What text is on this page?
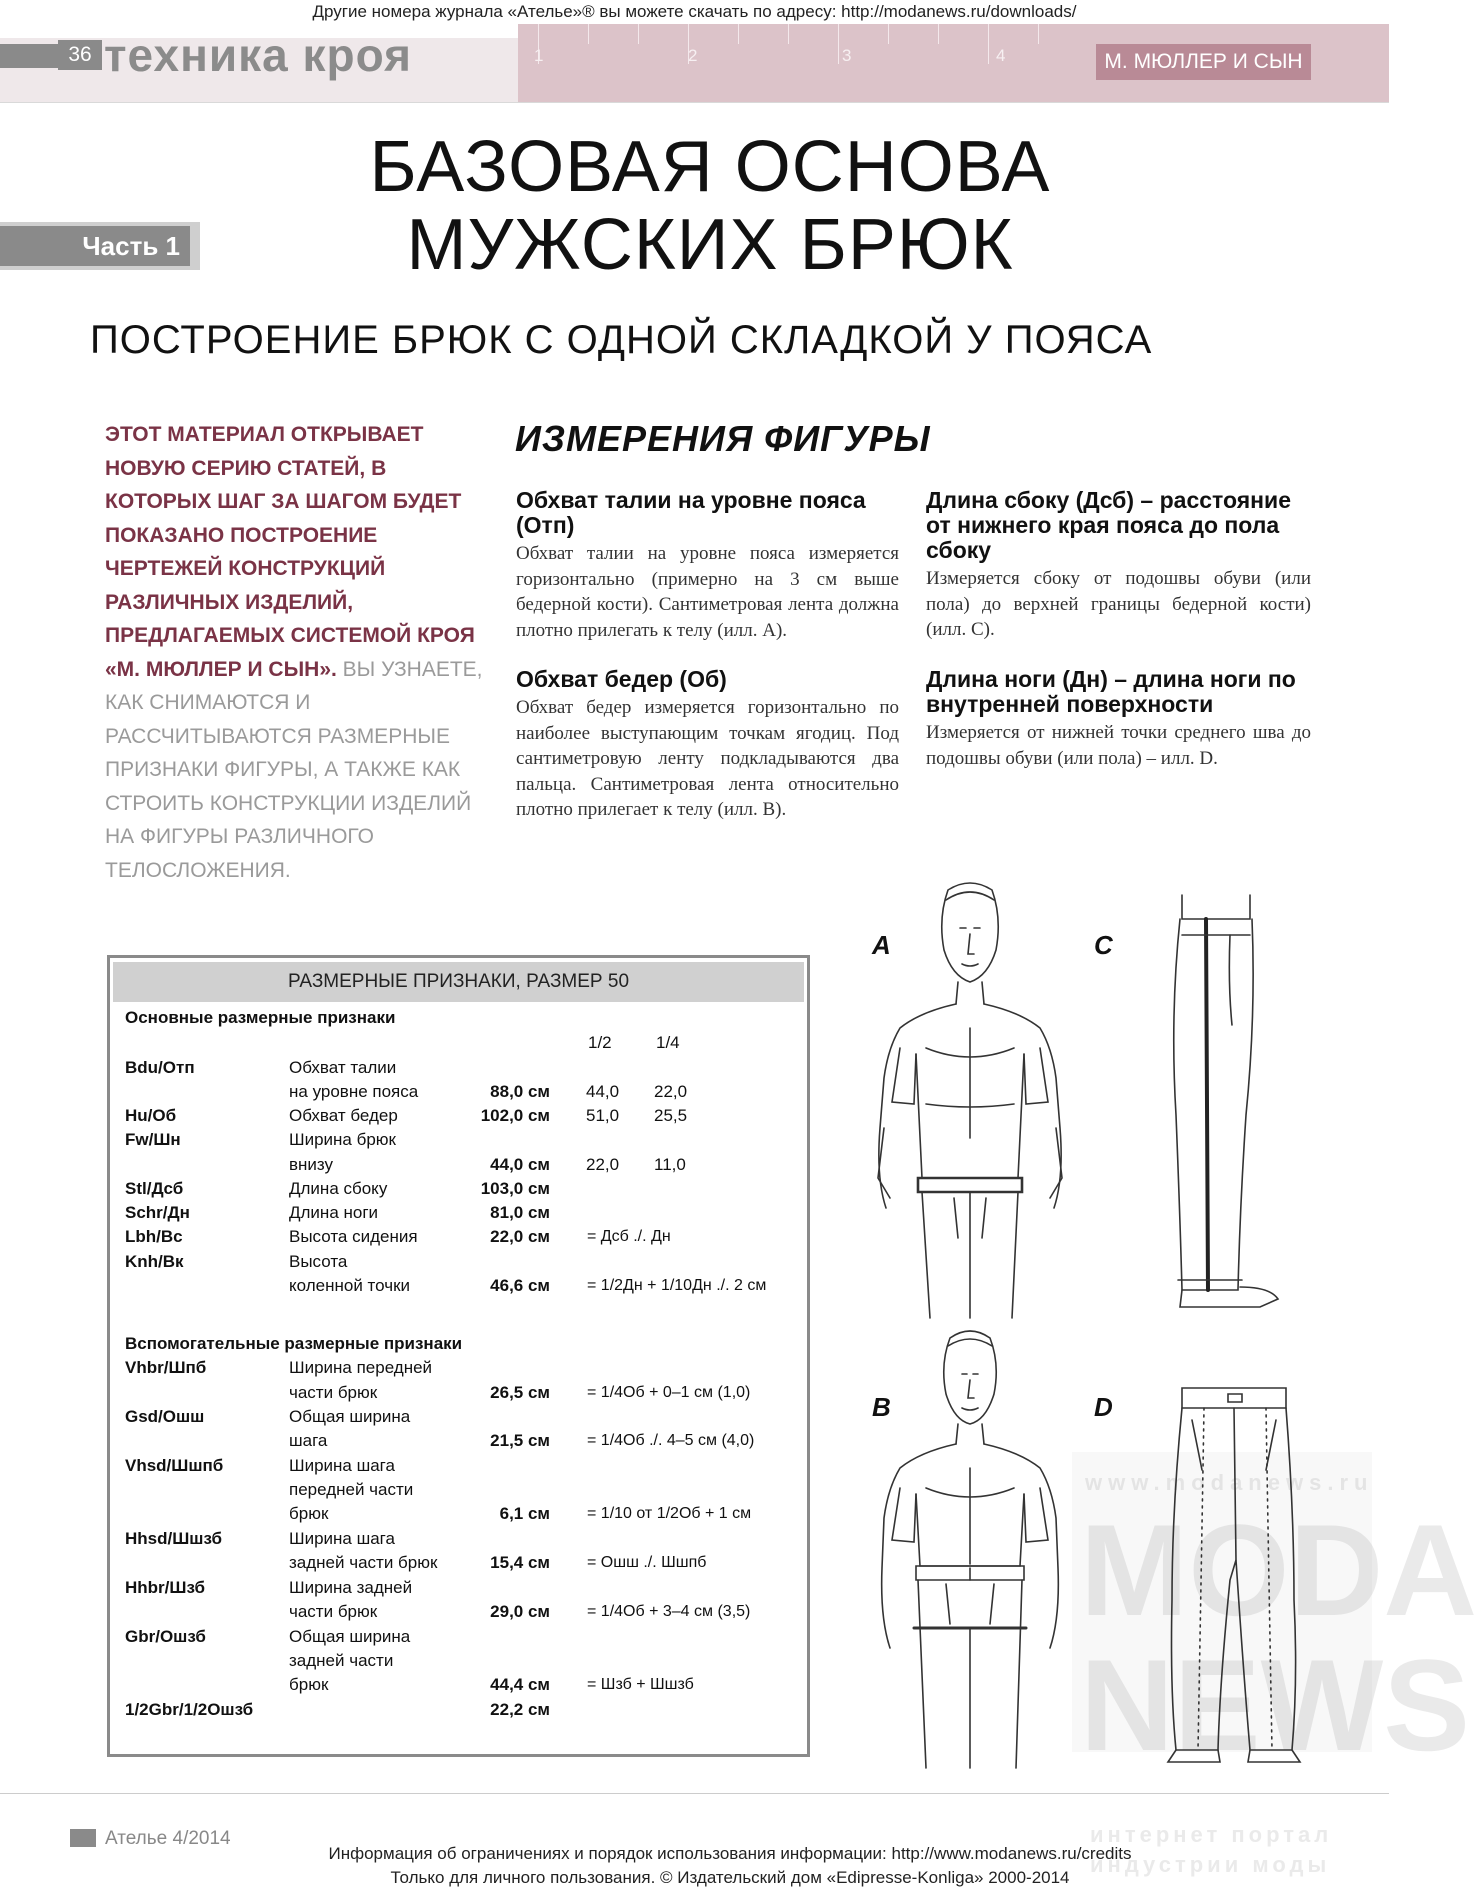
Другие номера журнала «Ателье»® вы можете скачать по адресу: http://modanews.ru/downloads/
1	2	3	4
36 техника кроя	М. МЮЛЛЕР И СЫН
Часть 1
БАЗОВАЯ ОСНОВА
МУЖСКИХ БРЮК
ПОСТРОЕНИЕ БРЮК С ОДНОЙ СКЛАДКОЙ У ПОЯСА
ЭТОТ МАТЕРИАЛ ОТКРЫВАЕТ НОВУЮ СЕРИЮ СТАТЕЙ, В КОТОРЫХ ШАГ ЗА ШАГОМ БУДЕТ ПОКАЗАНО ПОСТРОЕНИЕ ЧЕРТЕЖЕЙ КОНСТРУКЦИЙ РАЗЛИЧНЫХ ИЗДЕЛИЙ, ПРЕДЛАГАЕМЫХ СИСТЕМОЙ КРОЯ «М. МЮЛЛЕР И СЫН». ВЫ УЗНАЕТЕ, КАК СНИМАЮТСЯ И РАССЧИТЫВАЮТСЯ РАЗМЕРНЫЕ ПРИЗНАКИ ФИГУРЫ, А ТАКЖЕ КАК СТРОИТЬ КОНСТРУКЦИИ ИЗДЕЛИЙ НА ФИГУРЫ РАЗЛИЧНОГО ТЕЛОСЛОЖЕНИЯ.
ИЗМЕРЕНИЯ ФИГУРЫ
Обхват талии на уровне пояса (Отп)
Обхват талии на уровне пояса измеряется горизонтально (примерно на 3 см выше бедерной кости). Сантиметровая лента должна плотно прилегать к телу (илл. А).
Обхват бедер (Об)
Обхват бедер измеряется горизонтально по наиболее выступающим точкам ягодиц. Под сантиметровую ленту подкладываются два пальца. Сантиметровая лента относительно плотно прилегает к телу (илл. В).
Длина сбоку (Дсб) – расстояние от нижнего края пояса до пола сбоку
Измеряется сбоку от подошвы обуви (или пола) до верхней границы бедерной кости) (илл. С).
Длина ноги (Дн) – длина ноги по внутренней поверхности
Измеряется от нижней точки среднего шва до подошвы обуви (или пола) – илл. D.
РАЗМЕРНЫЕ ПРИЗНАКИ, РАЗМЕР 50
Основные размерные признаки
1/2	1/4
Bdu/Отп	Обхват талии
на уровне пояса	88,0 см 44,0 22,0
Hu/Об	Обхват бедер	102,0 см 51,0 25,5
Fw/Шн	Ширина брюк
внизу	44,0 см 22,0 11,0
Stl/Дсб	Длина сбоку	103,0 см
Schr/Дн	Длина ноги	81,0 см
Lbh/Вс	Высота сидения	22,0 см = Дсб ./. Дн
Knh/Вк	Высота
коленной точки	46,6 см = 1/2Дн + 1/10Дн ./. 2 см
Вспомогательные размерные признаки
Vhbr/Шпб	Ширина передней
части брюк	26,5 см = 1/4Об + 0–1 см (1,0)
Gsd/Ошш	Общая ширина
шага	21,5 см = 1/4Об ./. 4–5 см (4,0)
Vhsd/Шшпб	Ширина шага
передней части
брюк	6,1 см = 1/10 от 1/2Об + 1 см
Hhsd/Шшзб	Ширина шага
задней части брюк	15,4 см = Ошш ./. Шшпб
Hhbr/Шзб	Ширина задней
части брюк	29,0 см = 1/4Об + 3–4 см (3,5)
Gbr/Ошзб	Общая ширина
задней части
брюк	44,4 см = Шзб + Шшзб
1/2Gbr/1/2Ошзб	22,2 см
www.modanews.ru
MODA
NEWS
интернет портал
индустрии моды
A	C
B	D
Ателье 4/2014
Информация об ограничениях и порядок использования информации: http://www.modanews.ru/credits
Только для личного пользования. © Издательский дом «Edipresse-Konliga» 2000-2014
